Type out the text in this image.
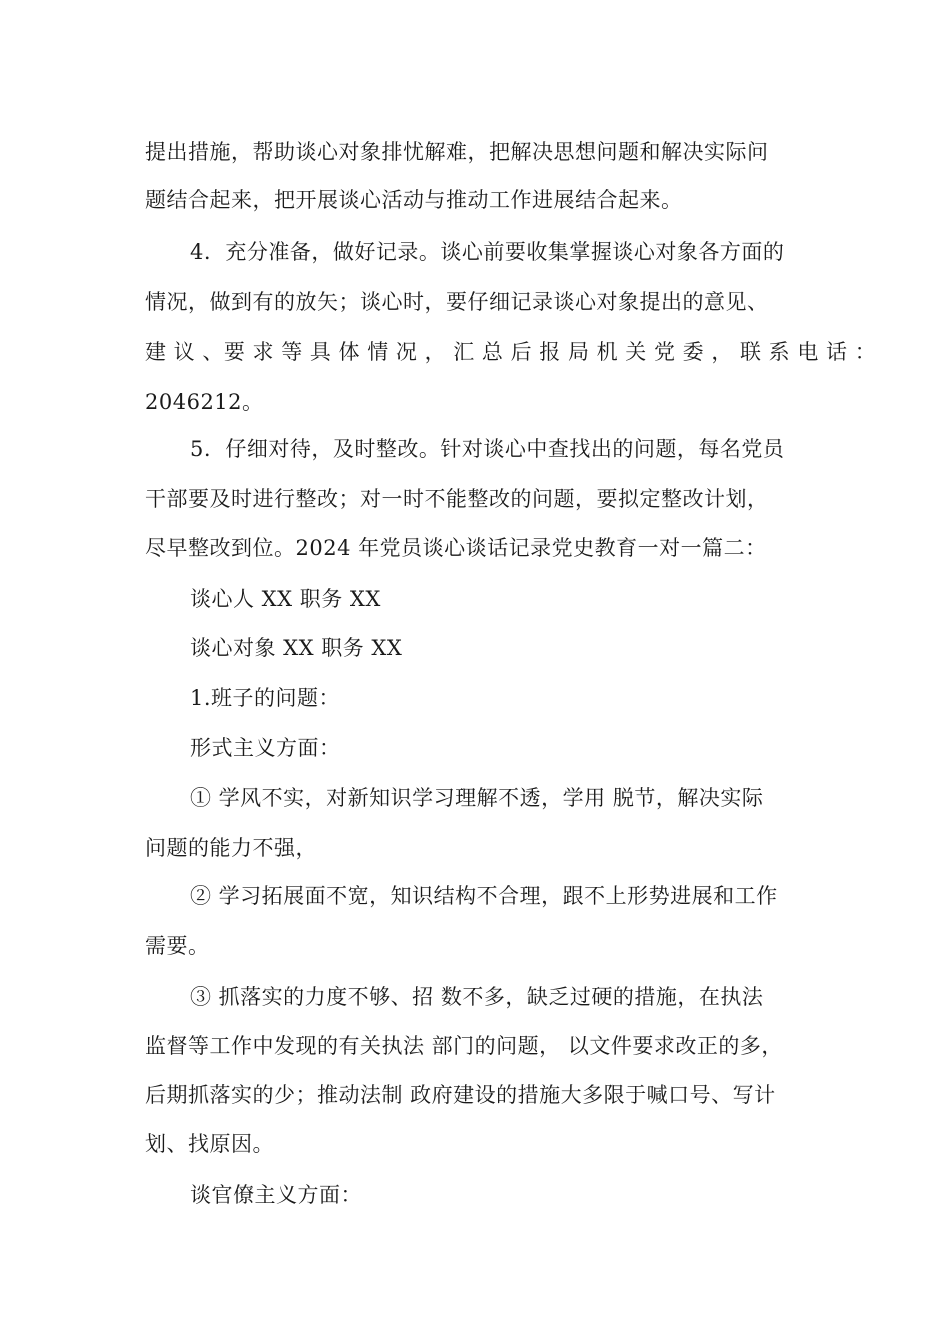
提出措施，帮助谈心对象排忧解难，把解决思想问题和解决实际问
题结合起来，把开展谈心活动与推动工作进展结合起来。
4.  充分准备，做好记录。谈心前要收集掌握谈心对象各方面的
情况，做到有的放矢；谈心时，要仔细记录谈心对象提出的意见、
建 议 、要 求 等 具 体 情 况 ， 汇 总 后 报 局 机 关 党 委 ， 联 系 电 话 ：
2046212。
5.  仔细对待，及时整改。针对谈心中查找出的问题，每名党员
干部要及时进行整改；对一时不能整改的问题，要拟定整改计划，
尽早整改到位。2024 年党员谈心谈话记录党史教育一对一篇二：
谈心人 XX 职务 XX
谈心对象 XX 职务 XX
1.班子的问题：
形式主义方面：
① 学风不实，对新知识学习理解不透，学用 脱节，解决实际
问题的能力不强，
② 学习拓展面不宽，知识结构不合理，跟不上形势进展和工作
需要。
③ 抓落实的力度不够、招 数不多，缺乏过硬的措施，在执法
监督等工作中发现的有关执法 部门的问题， 以文件要求改正的多，
后期抓落实的少；推动法制 政府建设的措施大多限于喊口号、写计
划、找原因。
谈官僚主义方面：
